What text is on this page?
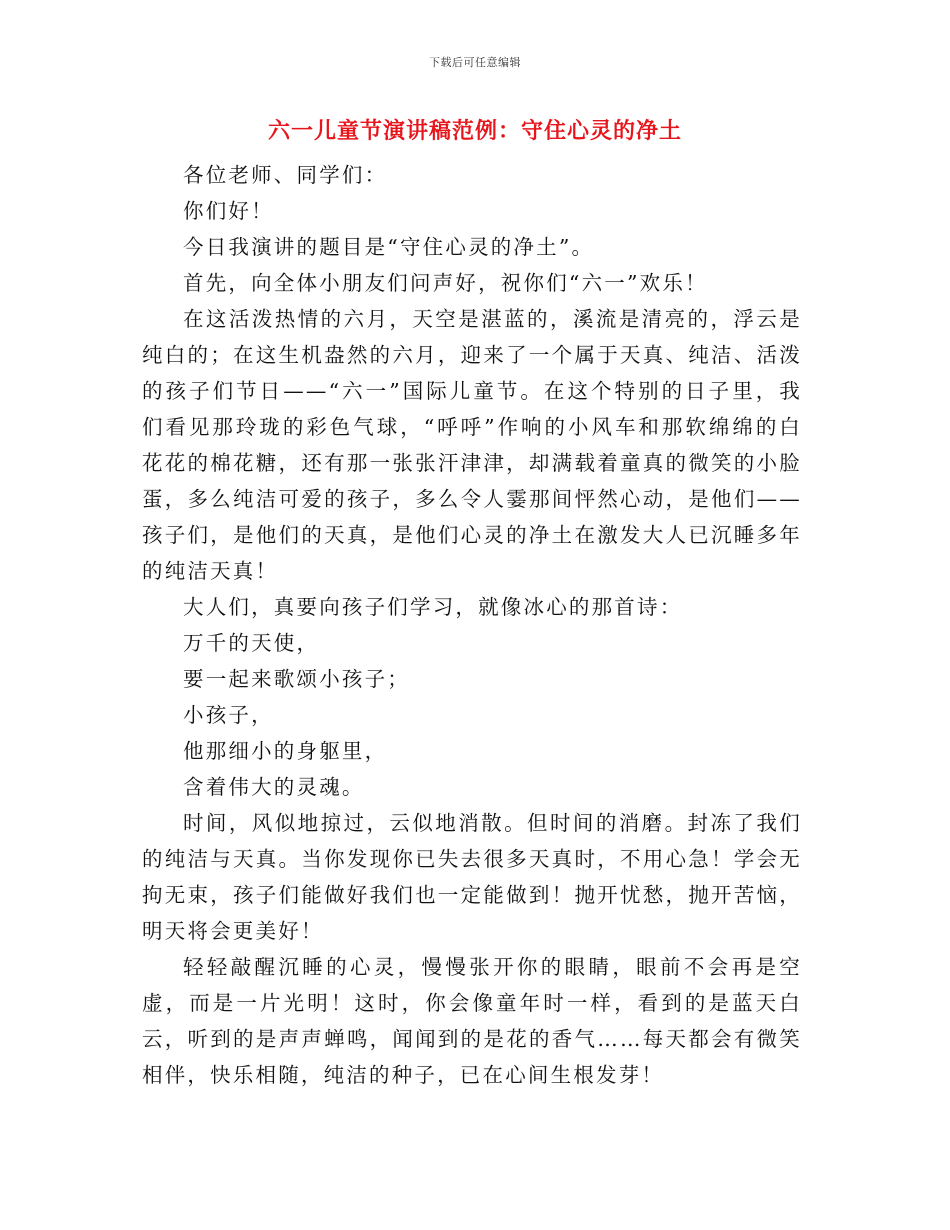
下载后可任意编辑
六一儿童节演讲稿范例：守住心灵的净土

各位老师、同学们：

你们好！

今日我演讲的题目是“守住心灵的净土”。

首先，向全体小朋友们问声好，祝你们“六一”欢乐！

在这活泼热情的六月，天空是湛蓝的，溪流是清亮的，浮云是纯白的；在这生机盎然的六月，迎来了一个属于天真、纯洁、活泼的孩子们节日——“六一”国际儿童节。在这个特别的日子里，我们看见那玲珑的彩色气球，“呼呼”作响的小风车和那软绵绵的白花花的棉花糖，还有那一张张汗津津，却满载着童真的微笑的小脸蛋，多么纯洁可爱的孩子，多么令人霎那间怦然心动，是他们——孩子们，是他们的天真，是他们心灵的净土在激发大人已沉睡多年的纯洁天真！

大人们，真要向孩子们学习，就像冰心的那首诗：

万千的天使，

要一起来歌颂小孩子；

小孩子，

他那细小的身躯里，

含着伟大的灵魂。

时间，风似地掠过，云似地消散。但时间的消磨。封冻了我们的纯洁与天真。当你发现你已失去很多天真时，不用心急！学会无拘无束，孩子们能做好我们也一定能做到！抛开忧愁，抛开苦恼，明天将会更美好！

轻轻敲醒沉睡的心灵，慢慢张开你的眼睛，眼前不会再是空虚，而是一片光明！这时，你会像童年时一样，看到的是蓝天白云，听到的是声声蝉鸣，闻闻到的是花的香气……每天都会有微笑相伴，快乐相随，纯洁的种子，已在心间生根发芽！
